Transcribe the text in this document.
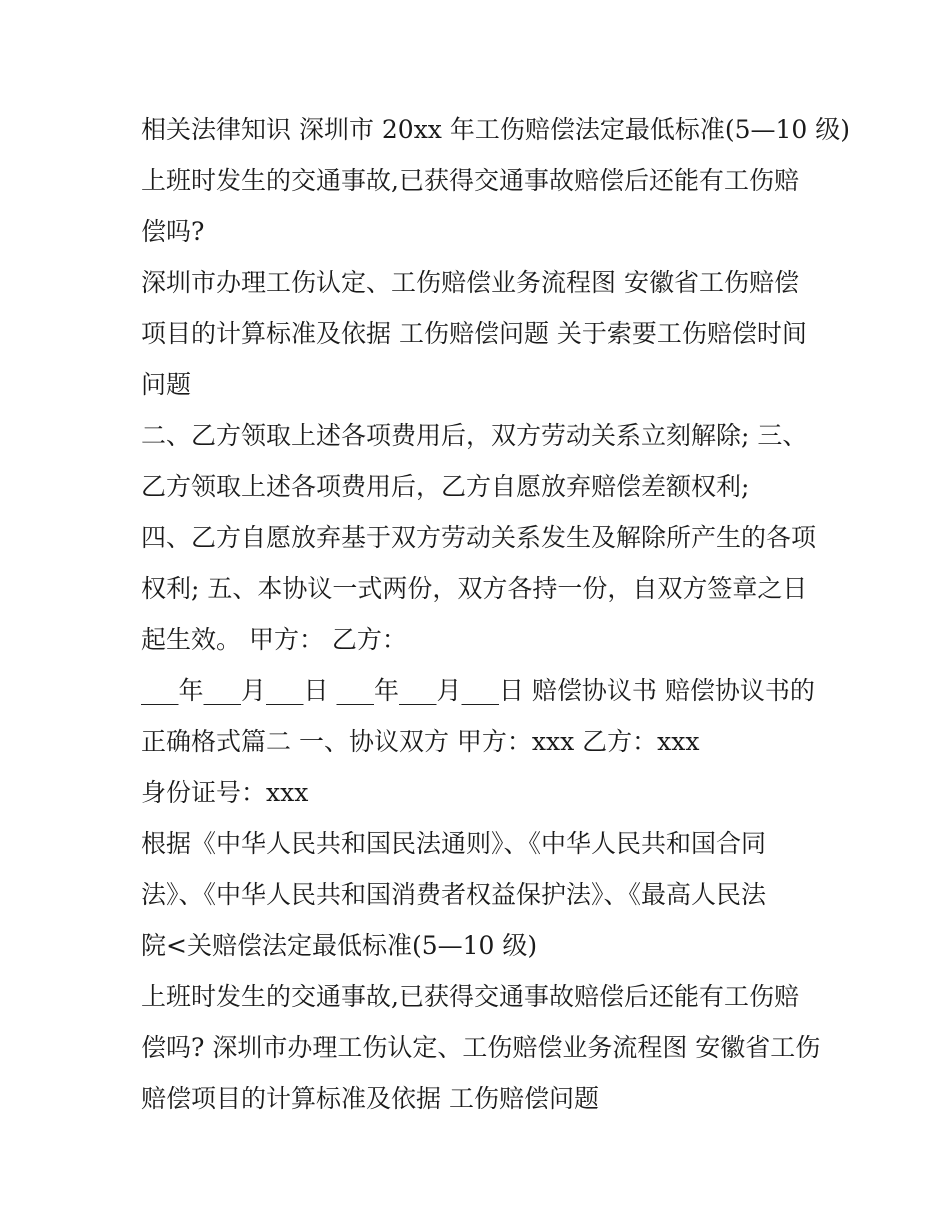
相关法律知识 深圳市 20xx 年工伤赔偿法定最低标准(5—10 级)
上班时发生的交通事故,已获得交通事故赔偿后还能有工伤赔
偿吗?
深圳市办理工伤认定、工伤赔偿业务流程图 安徽省工伤赔偿
项目的计算标准及依据 工伤赔偿问题 关于索要工伤赔偿时间
问题
二、乙方领取上述各项费用后，双方劳动关系立刻解除; 三、
乙方领取上述各项费用后，乙方自愿放弃赔偿差额权利;
四、乙方自愿放弃基于双方劳动关系发生及解除所产生的各项
权利; 五、本协议一式两份，双方各持一份，自双方签章之日
起生效。 甲方： 乙方：
___年___月___日 ___年___月___日 赔偿协议书 赔偿协议书的
正确格式篇二 一、协议双方 甲方：xxx 乙方：xxx
身份证号：xxx
根据《中华人民共和国民法通则》、《中华人民共和国合同
法》、《中华人民共和国消费者权益保护法》、《最高人民法
院<关赔偿法定最低标准(5—10 级)
上班时发生的交通事故,已获得交通事故赔偿后还能有工伤赔
偿吗? 深圳市办理工伤认定、工伤赔偿业务流程图 安徽省工伤
赔偿项目的计算标准及依据 工伤赔偿问题
